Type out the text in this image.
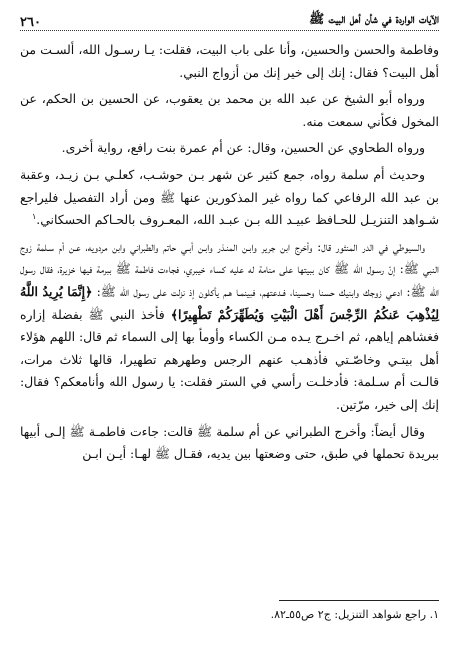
الآيات الواردة في شأن أهل البيت ﷺ
٢٦٠

وفاطمة والحسن والحسين، وأنا على باب البيت، فقلت: يـا رسـول الله، ألسـت من أهل البيت؟ فقال: إنك إلى خير إنك من أزواج النبي.

ورواه أبو الشيخ عن عبد الله بن محمد بن يعقوب، عن الحسين بن الحكم، عن المخول فكأني سمعت منه.

ورواه الطحاوي عن الحسين، وقال: عن أم عمرة بنت رافع، رواية أخرى.

وحديث أم سلمة رواه، جمع كثير عن شهر بـن حوشـب، كعلـي بـن زيـد، وعقبة بن عبد الله الرفاعي كما رواه غير المذكورين عنها ﷺ ومن أراد التفصيل فليراجع شـواهد التنزيـل للحـافظ عبيـد الله بـن عبـد الله، المعـروف بالحـاكم الحسكاني.$^١$

والسيوطي في الدر المنثور قال: وأخرج ابن جرير وابـن المنـذر وابـن أبـي حاتم والطبراني وابن مردويه، عـن أم سـلمة زوج النبي ﷺ: إنّ رسـول الله ﷺ كان ببيتها على منامة له عليه كساء خيبري، فجاءت فاطمة ﷺ ببرمة فيها خزيرة، فقال رسول الله ﷺ: ادعي زوجك وابنيك حسنا وحسينا، فـدعتهم، فبينمـا هـم يأكلون إذ نزلت على رسول الله ﷺ: ﴿إِنَّمَا يُرِيدُ اللَّهُ لِيُذْهِبَ عَنكُمُ الرِّجْسَ أَهْلَ الْبَيْتِ وَيُطَهِّرَكُمْ تَطْهِيرًا﴾ فأخذ النبي ﷺ بفضلة إزاره فغشاهم إياهم، ثم اخـرج يـده مـن الكساء وأومأ بها إلى السماء ثم قال: اللهم هؤلاء أهل بيتـي وخاصّـتي فأذهـب عنهم الرجس وطهرهم تطهيرا، قالها ثلاث مرات، قالـت أم سـلمة: فأدخلـت رأسي في الستر فقلت: يا رسول الله وأنامعكم؟ فقال: إنك إلى خير، مرّتين.

وقال أيضاً: وأخرج الطبراني عن أم سلمة ﷺ قالت: جاءت فاطمـة ﷺ إلـى أبيها ببريدة تحملها في طبق، حتى وضعتها بين يديه، فقـال ﷺ لهـا: أيـن ابـن

١. راجع شواهد التنزيل: ج٢ ص٥٥ـ٨٢.
